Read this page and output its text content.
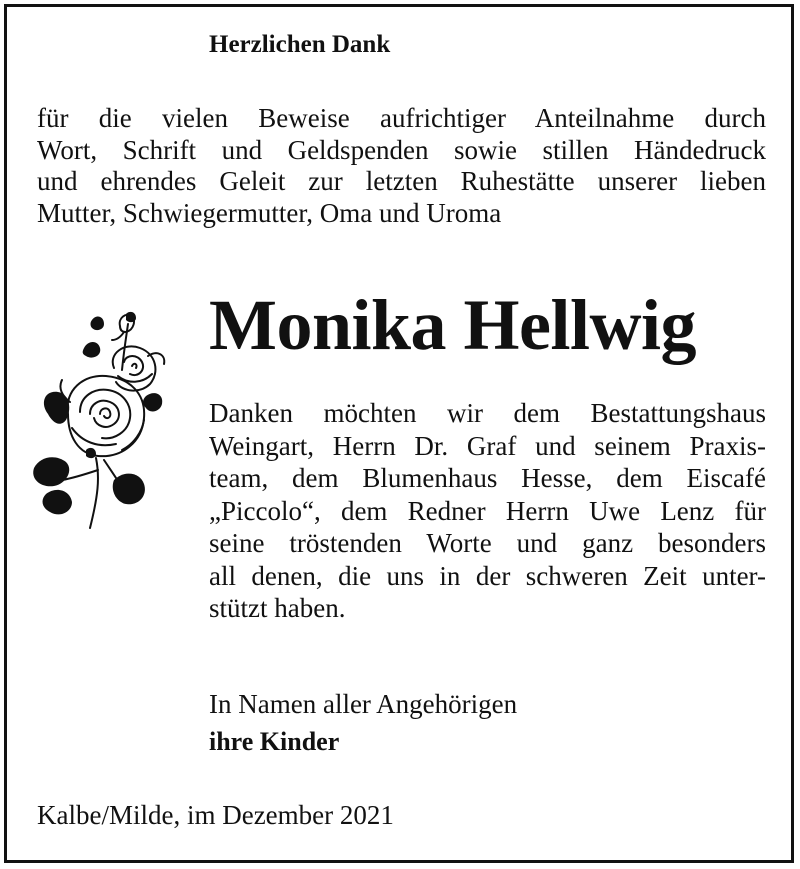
Herzlichen Dank

für die vielen Beweise aufrichtiger Anteilnahme durch
Wort, Schrift und Geldspenden sowie stillen Händedruck
und ehrendes Geleit zur letzten Ruhestätte unserer lieben
Mutter, Schwiegermutter, Oma und Uroma

Monika Hellwig

Danken möchten wir dem Bestattungshaus
Weingart, Herrn Dr. Graf und seinem Praxis-
team, dem Blumenhaus Hesse, dem Eiscafé
„Piccolo“, dem Redner Herrn Uwe Lenz für
seine tröstenden Worte und ganz besonders
all denen, die uns in der schweren Zeit unter-
stützt haben.

In Namen aller Angehörigen

ihre Kinder

Kalbe/Milde, im Dezember 2021
